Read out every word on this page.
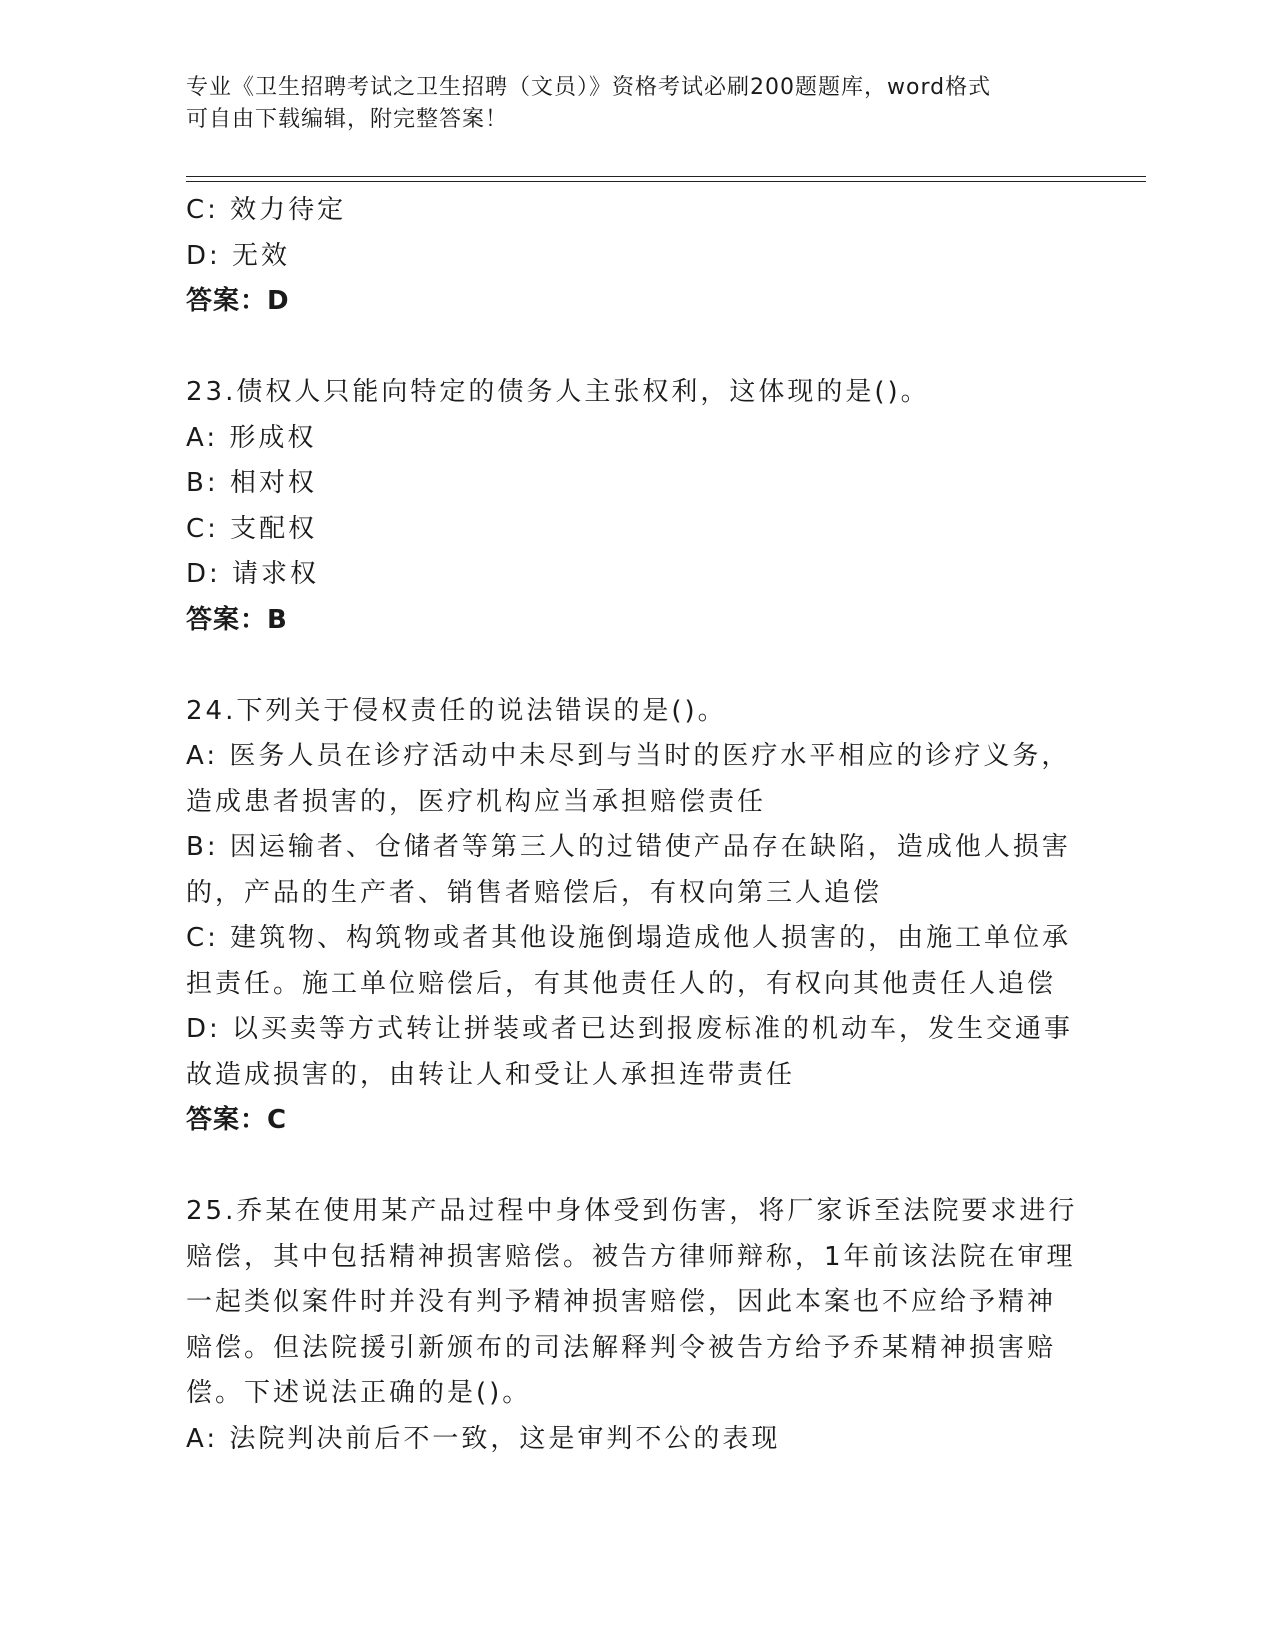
专业《卫生招聘考试之卫生招聘（文员）》资格考试必刷200题题库，word格式
可自由下载编辑，附完整答案！
C: 效力待定
D: 无效
答案：D
23.债权人只能向特定的债务人主张权利，这体现的是()。
A: 形成权
B: 相对权
C: 支配权
D: 请求权
答案：B
24.下列关于侵权责任的说法错误的是()。
A: 医务人员在诊疗活动中未尽到与当时的医疗水平相应的诊疗义务，
造成患者损害的，医疗机构应当承担赔偿责任
B: 因运输者、仓储者等第三人的过错使产品存在缺陷，造成他人损害
的，产品的生产者、销售者赔偿后，有权向第三人追偿
C: 建筑物、构筑物或者其他设施倒塌造成他人损害的，由施工单位承
担责任。施工单位赔偿后，有其他责任人的，有权向其他责任人追偿
D: 以买卖等方式转让拼装或者已达到报废标准的机动车，发生交通事
故造成损害的，由转让人和受让人承担连带责任
答案：C
25.乔某在使用某产品过程中身体受到伤害，将厂家诉至法院要求进行
赔偿，其中包括精神损害赔偿。被告方律师辩称，1年前该法院在审理
一起类似案件时并没有判予精神损害赔偿，因此本案也不应给予精神
赔偿。但法院援引新颁布的司法解释判令被告方给予乔某精神损害赔
偿。下述说法正确的是()。
A: 法院判决前后不一致，这是审判不公的表现
